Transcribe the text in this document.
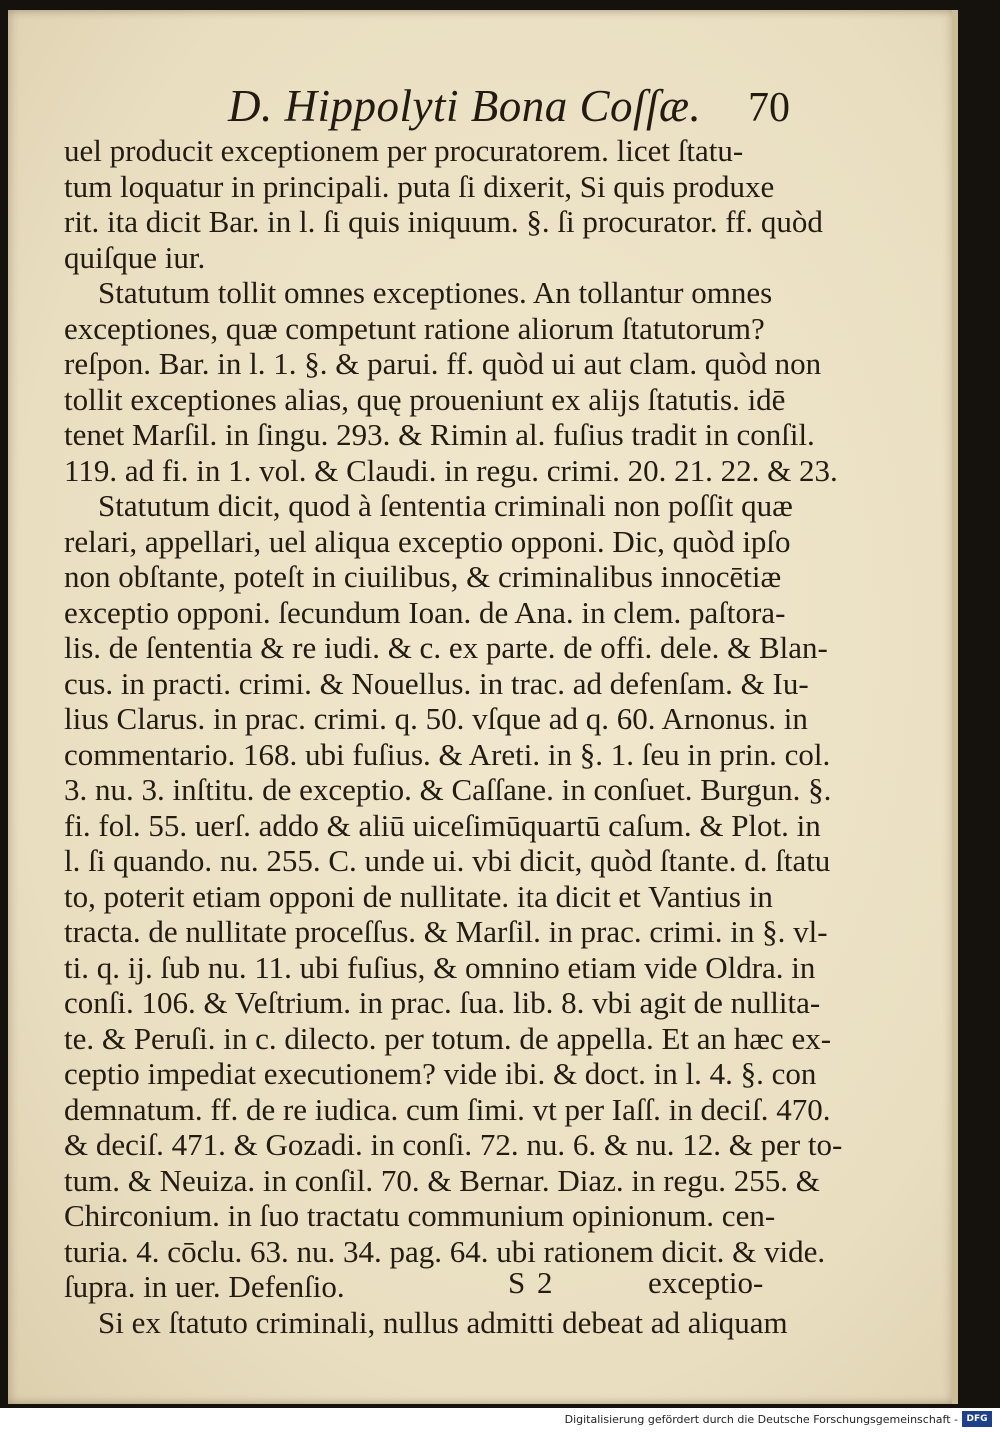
D. Hippolyti Bona Coſſæ. 70
uel producit exceptionem per procuratorem. licet ſtatu-
tum loquatur in principali. puta ſi dixerit, Si quis produxe
rit. ita dicit Bar. in l. ſi quis iniquum. §. ſi procurator. ff. quòd
quiſque iur.
Statutum tollit omnes exceptiones. An tollantur omnes
exceptiones, quæ competunt ratione aliorum ſtatutorum?
reſpon. Bar. in l. 1. §. & parui. ff. quòd ui aut clam. quòd non
tollit exceptiones alias, quę proueniunt ex alijs ſtatutis. idē
tenet Marſil. in ſingu. 293. & Rimin al. fuſius tradit in conſil.
119. ad fi. in 1. vol. & Claudi. in regu. crimi. 20. 21. 22. & 23.
Statutum dicit, quod à ſententia criminali non poſſit quæ
relari, appellari, uel aliqua exceptio opponi. Dic, quòd ipſo
non obſtante, poteſt in ciuilibus, & criminalibus innocētiæ
exceptio opponi. ſecundum Ioan. de Ana. in clem. paſtora-
lis. de ſententia & re iudi. & c. ex parte. de offi. dele. & Blan-
cus. in practi. crimi. & Nouellus. in trac. ad defenſam. & Iu-
lius Clarus. in prac. crimi. q. 50. vſque ad q. 60. Arnonus. in
commentario. 168. ubi fuſius. & Areti. in §. 1. ſeu in prin. col.
3. nu. 3. inſtitu. de exceptio. & Caſſane. in conſuet. Burgun. §.
fi. fol. 55. uerſ. addo & aliū uiceſimūquartū caſum. & Plot. in
l. ſi quando. nu. 255. C. unde ui. vbi dicit, quòd ſtante. d. ſtatu
to, poterit etiam opponi de nullitate. ita dicit et Vantius in
tracta. de nullitate proceſſus. & Marſil. in prac. crimi. in §. vl-
ti. q. ij. ſub nu. 11. ubi fuſius, & omnino etiam vide Oldra. in
conſi. 106. & Veſtrium. in prac. ſua. lib. 8. vbi agit de nullita-
te. & Peruſi. in c. dilecto. per totum. de appella. Et an hæc ex-
ceptio impediat executionem? vide ibi. & doct. in l. 4. §. con
demnatum. ff. de re iudica. cum ſimi. vt per Iaſſ. in deciſ. 470.
& deciſ. 471. & Gozadi. in conſi. 72. nu. 6. & nu. 12. & per to-
tum. & Neuiza. in conſil. 70. & Bernar. Diaz. in regu. 255. &
Chirconium. in ſuo tractatu communium opinionum. cen-
turia. 4. cōclu. 63. nu. 34. pag. 64. ubi rationem dicit. & vide.
ſupra. in uer. Defenſio.
Si ex ſtatuto criminali, nullus admitti debeat ad aliquam
S 2	exceptio-
Digitalisierung gefördert durch die Deutsche Forschungsgemeinschaft - DFG
